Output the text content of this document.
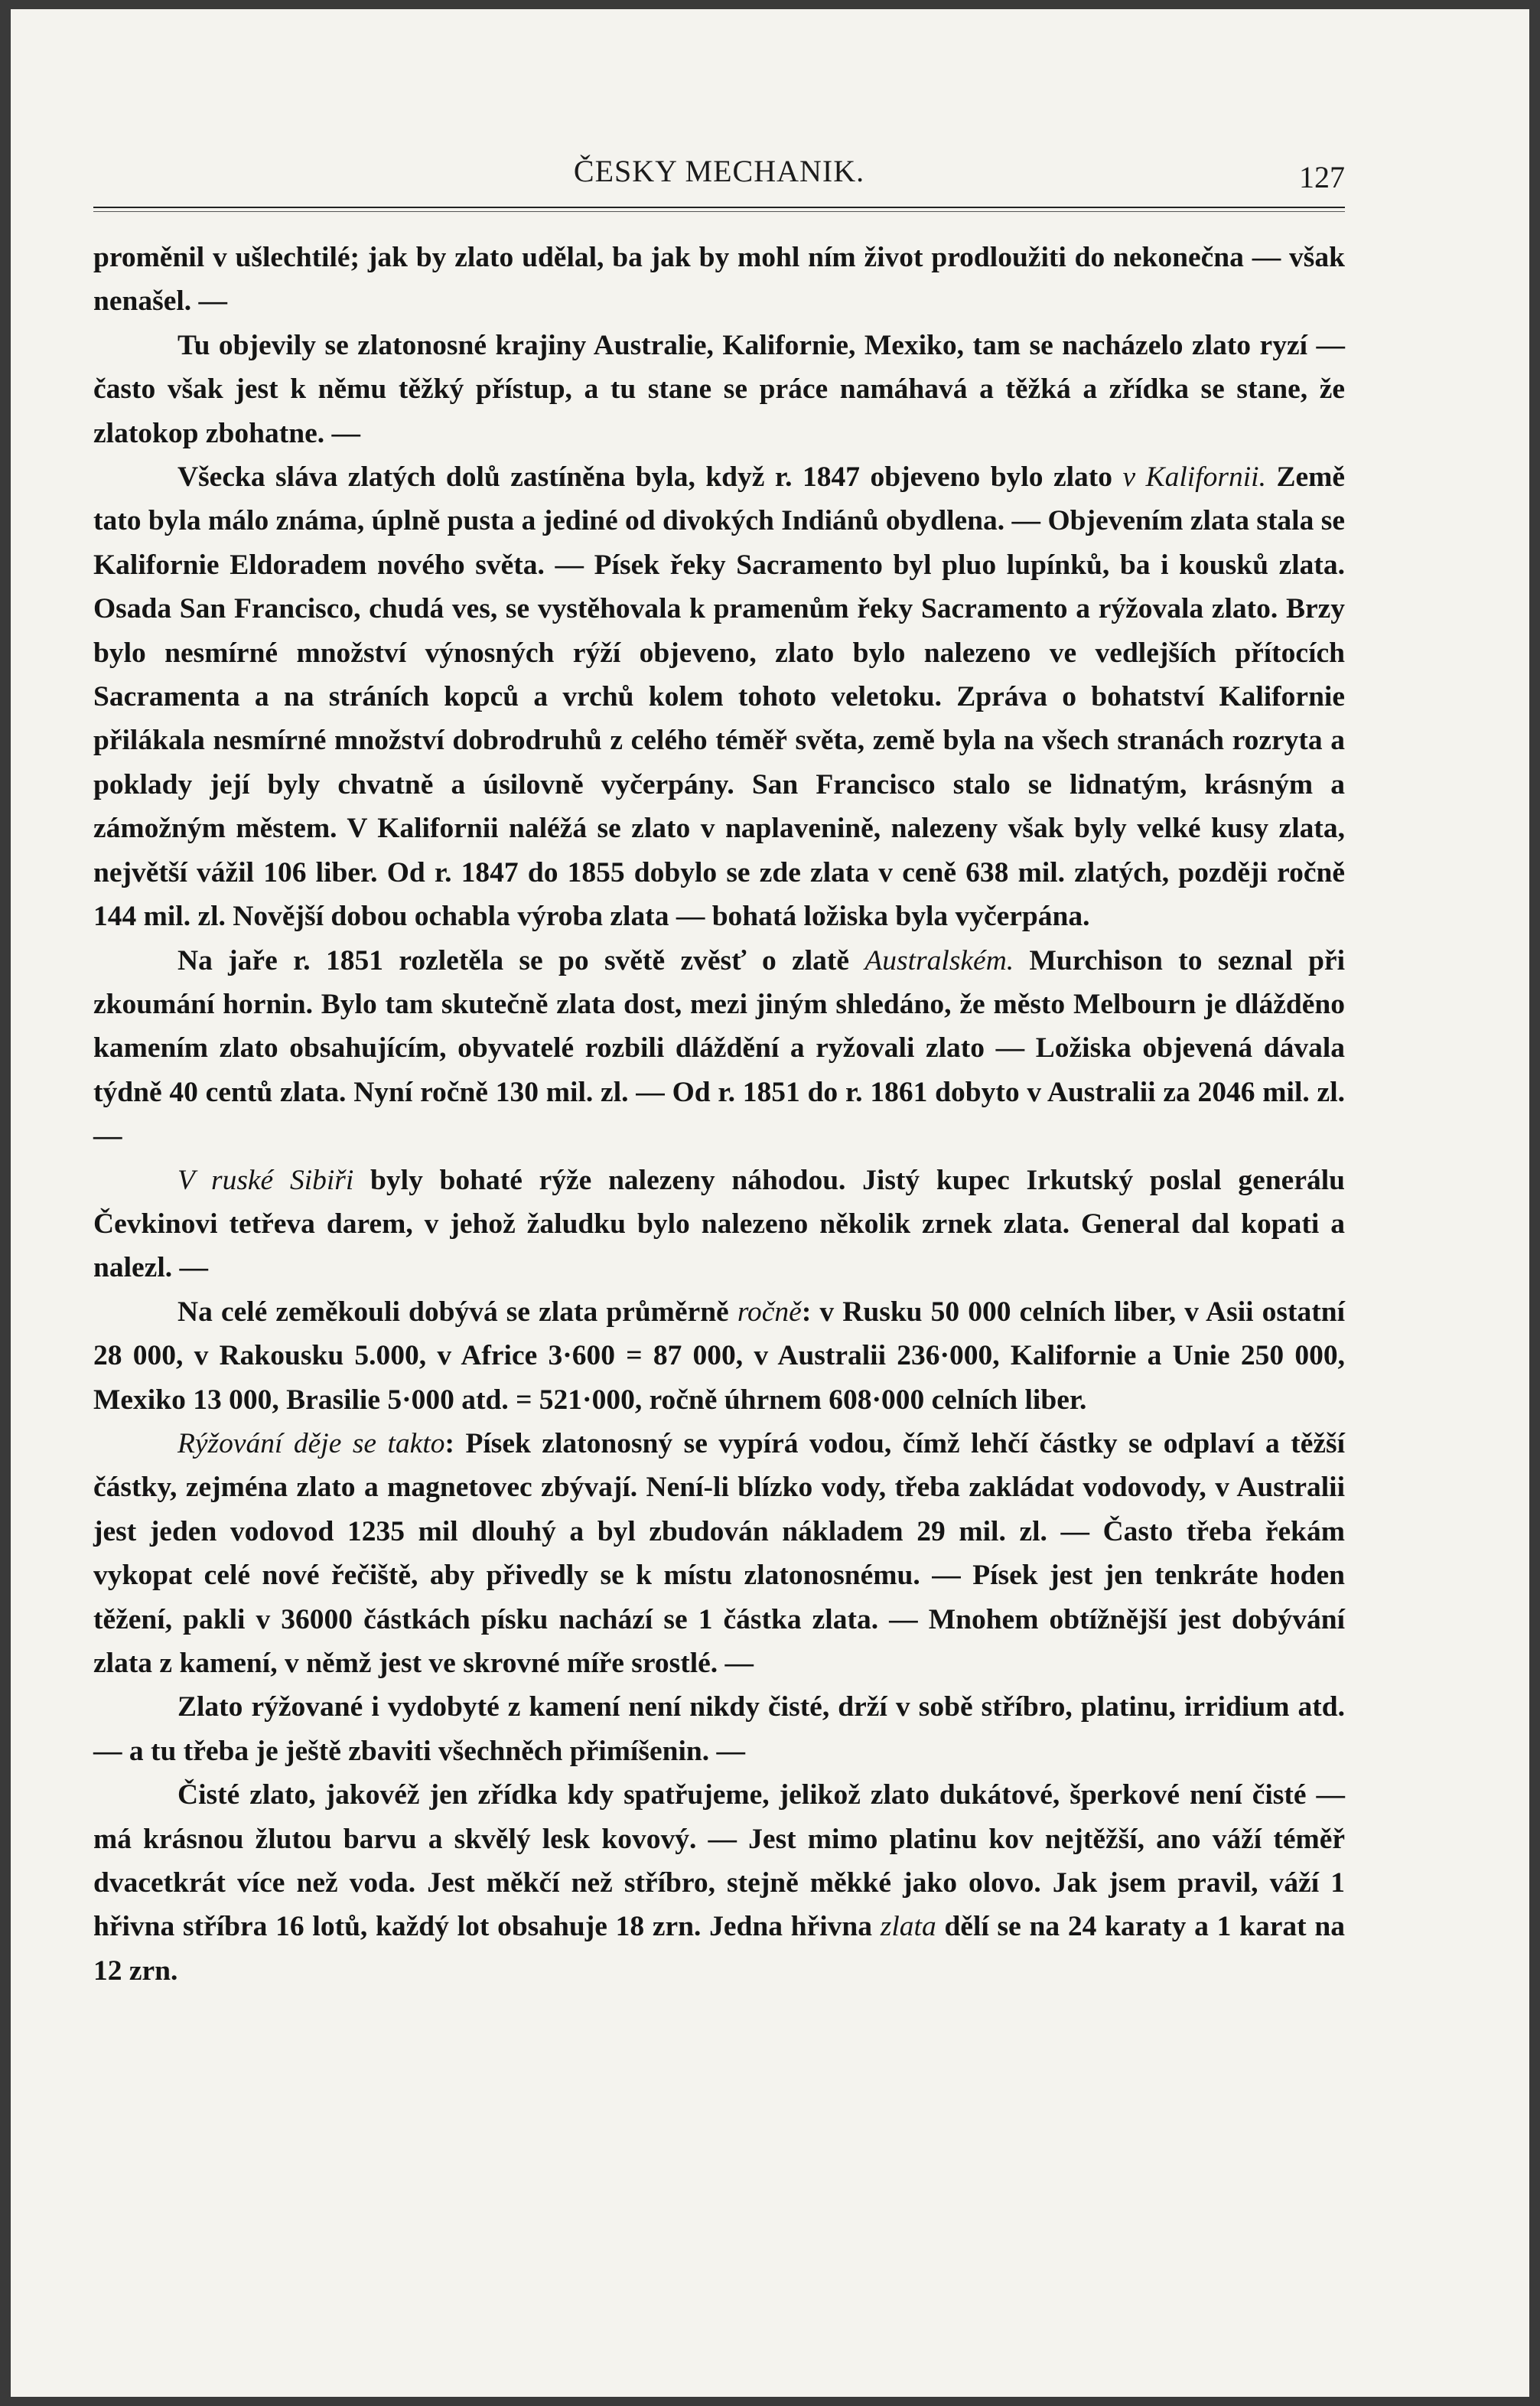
ČESKY MECHANIK.	127

proměnil v ušlechtilé; jak by zlato udělal, ba jak by mohl ním život prodloužiti do nekonečna — však nenašel. —

Tu objevily se zlatonosné krajiny Australie, Kalifornie, Mexiko, tam se nacházelo zlato ryzí — často však jest k němu těžký přístup, a tu stane se práce namáhavá a těžká a zřídka se stane, že zlatokop zbohatne. —

Všecka sláva zlatých dolů zastíněna byla, když r. 1847 objeveno bylo zlato v Kalifornii. Země tato byla málo známa, úplně pusta a jediné od divokých Indiánů obydlena. — Objevením zlata stala se Kalifornie Eldoradem nového světa. — Písek řeky Sacramento byl pluo lupínků, ba i kousků zlata. Osada San Francisco, chudá ves, se vystěhovala k pramenům řeky Sacramento a rýžovala zlato. Brzy bylo nesmírné množství výnosných rýží objeveno, zlato bylo nalezeno ve vedlejších přítocích Sacramenta a na stráních kopců a vrchů kolem tohoto veletoku. Zpráva o bohatství Kalifornie přilákala nesmírné množství dobrodruhů z celého téměř světa, země byla na všech stranách rozryta a poklady její byly chvatně a úsilovně vyčerpány. San Francisco stalo se lidnatým, krásným a zámožným městem. V Kalifornii naléžá se zlato v naplavenině, nalezeny však byly velké kusy zlata, největší vážil 106 liber. Od r. 1847 do 1855 dobylo se zde zlata v ceně 638 mil. zlatých, později ročně 144 mil. zl. Novější dobou ochabla výroba zlata — bohatá ložiska byla vyčerpána.

Na jaře r. 1851 rozletěla se po světě zvěsť o zlatě Australském. Murchison to seznal při zkoumání hornin. Bylo tam skutečně zlata dost, mezi jiným shledáno, že město Melbourn je dlážděno kamením zlato obsahujícím, obyvatelé rozbili dláždění a ryžovali zlato — Ložiska objevená dávala týdně 40 centů zlata. Nyní ročně 130 mil. zl. — Od r. 1851 do r. 1861 dobyto v Australii za 2046 mil. zl. —

V ruské Sibiři byly bohaté rýže nalezeny náhodou. Jistý kupec Irkutský poslal generálu Čevkinovi tetřeva darem, v jehož žaludku bylo nalezeno několik zrnek zlata. General dal kopati a nalezl. —

Na celé zeměkouli dobývá se zlata průměrně ročně: v Rusku 50 000 celních liber, v Asii ostatní 28 000, v Rakousku 5.000, v Africe 3·600 = 87 000, v Australii 236·000, Kalifornie a Unie 250 000, Mexiko 13 000, Brasilie 5·000 atd. = 521·000, ročně úhrnem 608·000 celních liber.

Rýžování děje se takto: Písek zlatonosný se vypírá vodou, čímž lehčí částky se odplaví a těžší částky, zejména zlato a magnetovec zbývají. Není-li blízko vody, třeba zakládat vodovody, v Australii jest jeden vodovod 1235 mil dlouhý a byl zbudován nákladem 29 mil. zl. — Často třeba řekám vykopat celé nové řečiště, aby přivedly se k místu zlatonosnému. — Písek jest jen tenkráte hoden těžení, pakli v 36000 částkách písku nachází se 1 částka zlata. — Mnohem obtížnější jest dobývání zlata z kamení, v němž jest ve skrovné míře srostlé. —

Zlato rýžované i vydobyté z kamení není nikdy čisté, drží v sobě stříbro, platinu, irridium atd. — a tu třeba je ještě zbaviti všechněch přimíšenin. —

Čisté zlato, jakovéž jen zřídka kdy spatřujeme, jelikož zlato dukátové, šperkové není čisté — má krásnou žlutou barvu a skvělý lesk kovový. — Jest mimo platinu kov nejtěžší, ano váží téměř dvacetkrát více než voda. Jest měkčí než stříbro, stejně měkké jako olovo. Jak jsem pravil, váží 1 hřivna stříbra 16 lotů, každý lot obsahuje 18 zrn. Jedna hřivna zlata dělí se na 24 karaty a 1 karat na 12 zrn.
